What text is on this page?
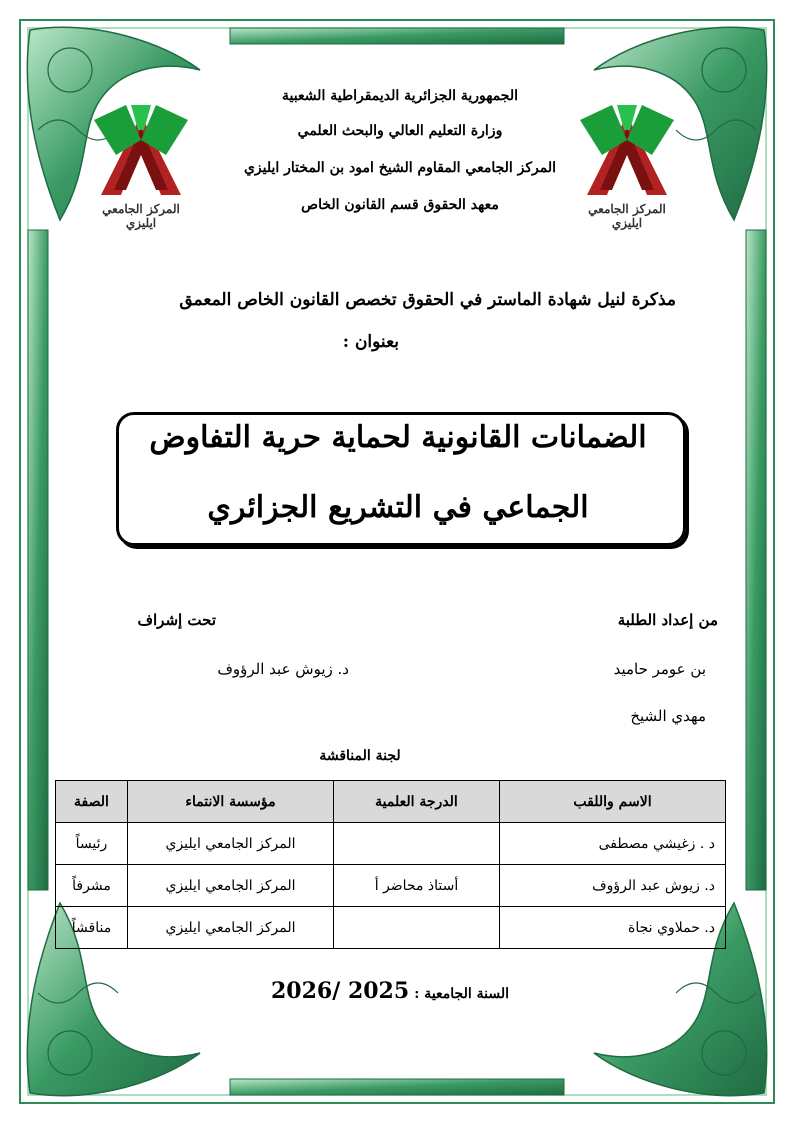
الجمهورية الجزائرية الديمقراطية الشعبية
وزارة التعليم العالي والبحث العلمي
المركز الجامعي المقاوم الشيخ امود بن المختار ايليزي
معهد الحقوق قسم القانون الخاص	المركز الجامعي ايليزي
المركز الجامعي ايليزي
مذكرة لنيل شهادة الماستر في الحقوق تخصص القانون الخاص المعمق
بعنوان :
الضمانات القانونية لحماية حرية التفاوض
الجماعي في التشريع الجزائري
من إعداد الطلبة
تحت إشراف
بن عومر حاميد
مهدي الشيخ
د. زيوش عبد الرؤوف
لجنة المناقشة
الاسم واللقب	الدرجة العلمية	مؤسسة الانتماء	الصفة
د . زغيشي مصطفى		المركز الجامعي ايليزي	رئيساً
د. زيوش عبد الرؤوف	أستاذ محاضر أ	المركز الجامعي ايليزي	مشرفاً
د. حملاوي نجاة		المركز الجامعي ايليزي	مناقشاً
السنة الجامعية : 2025 /2026
